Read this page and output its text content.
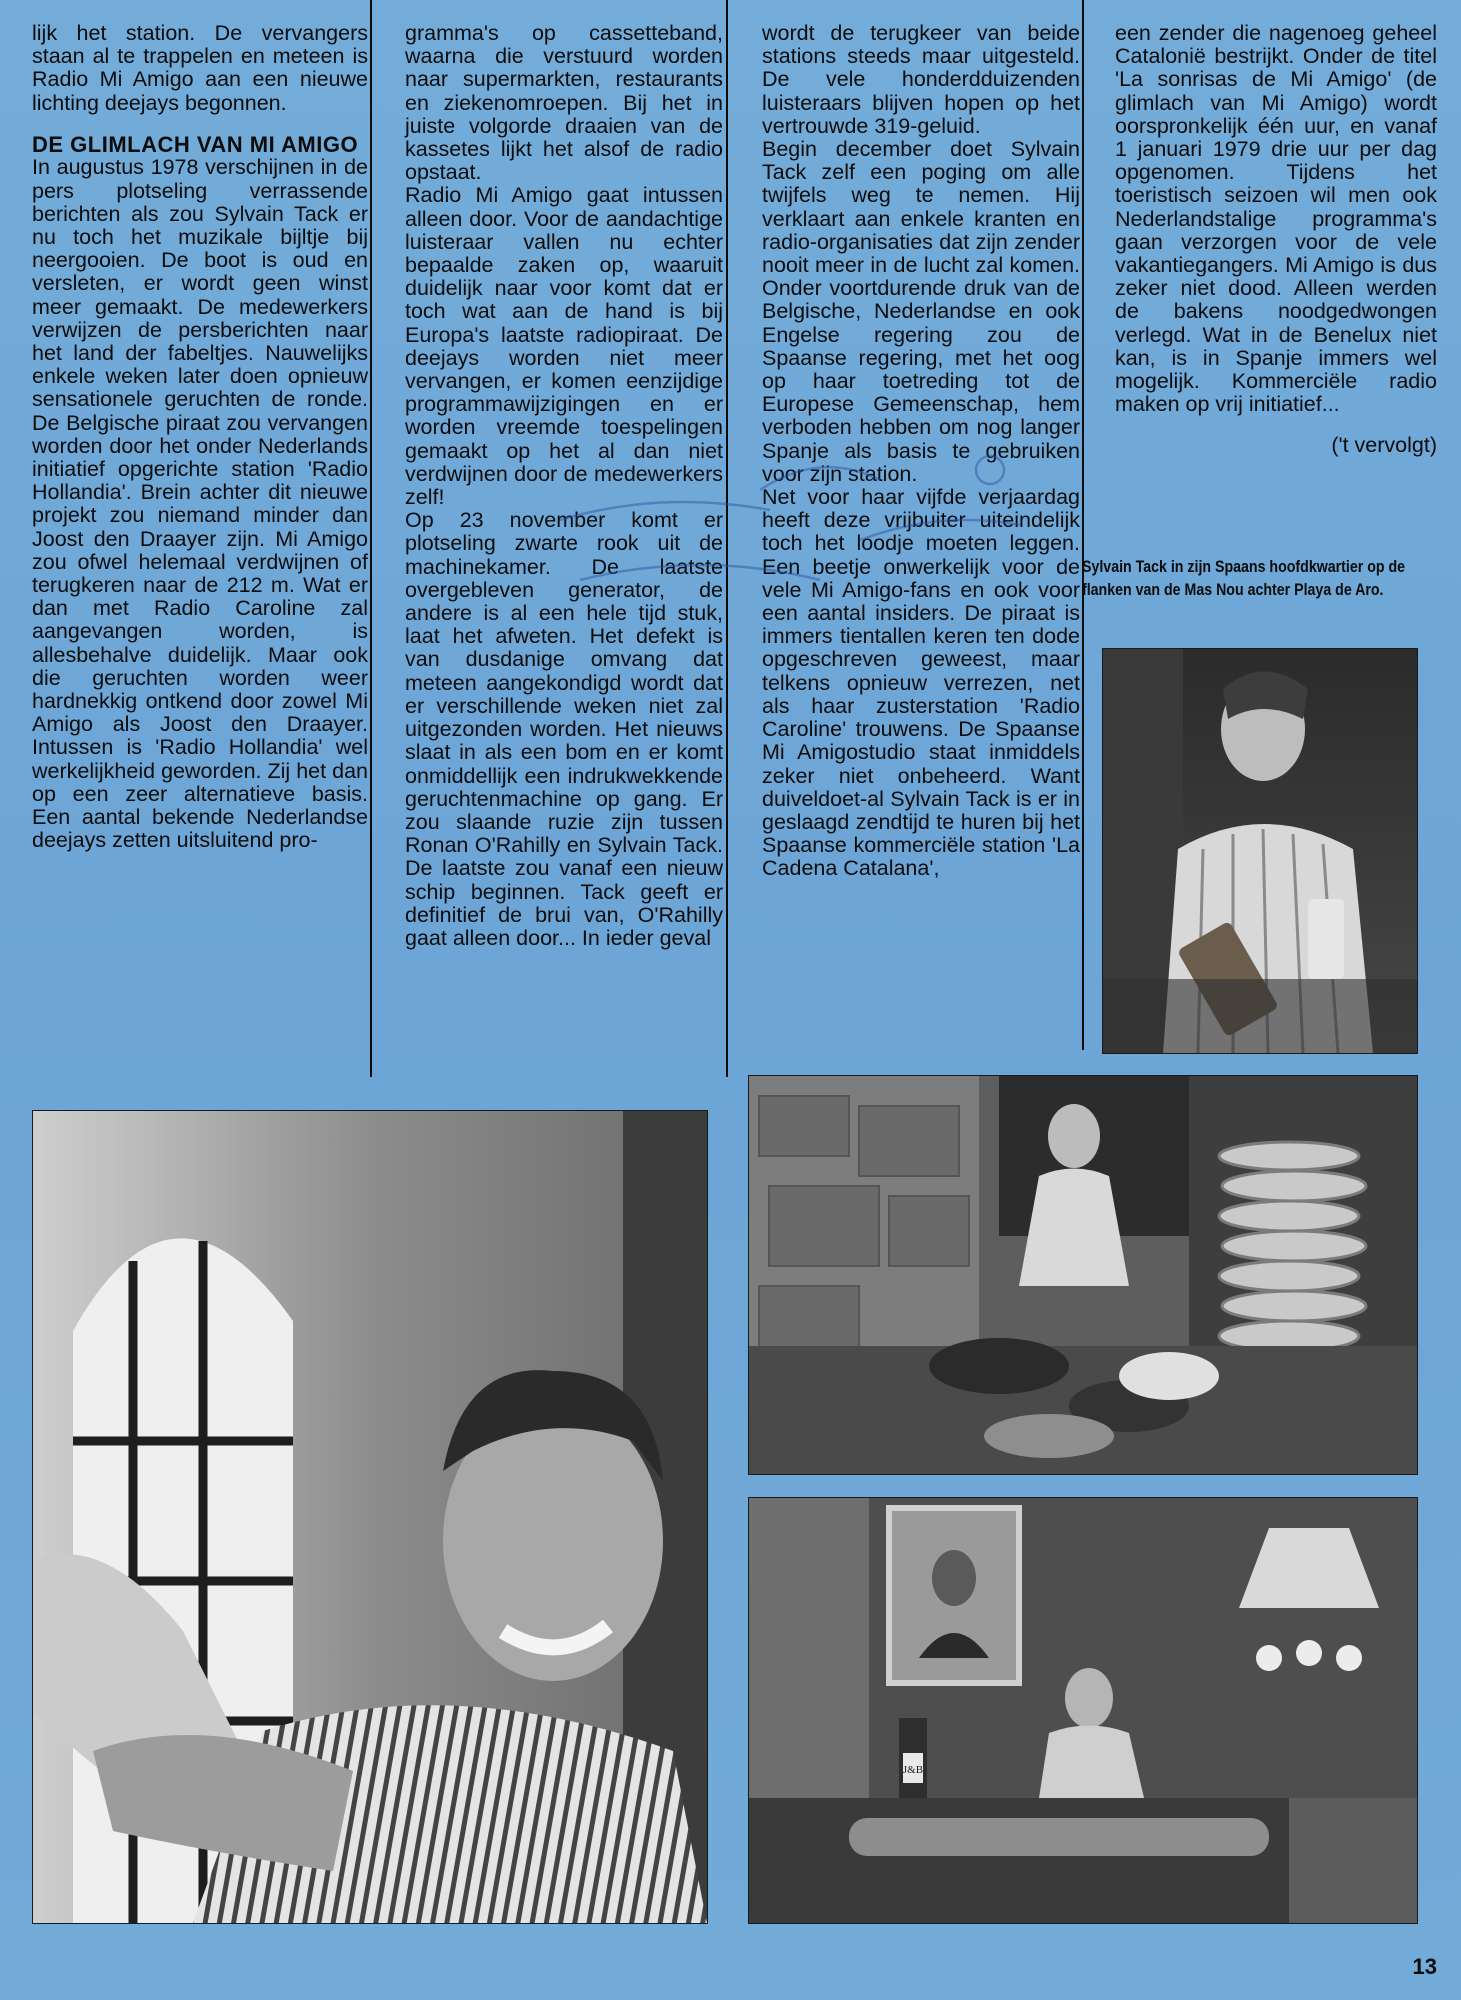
lijk het station. De vervangers staan al te trappelen en meteen is Radio Mi Amigo aan een nieuwe lichting deejays begonnen.

DE GLIMLACH VAN MI AMIGO

In augustus 1978 verschijnen in de pers plotseling verrassende berichten als zou Sylvain Tack er nu toch het muzikale bijltje bij neergooien. De boot is oud en versleten, er wordt geen winst meer gemaakt. De medewerkers verwijzen de persberichten naar het land der fabeltjes. Nauwelijks enkele weken later doen opnieuw sensationele geruchten de ronde. De Belgische piraat zou vervangen worden door het onder Nederlands initiatief opgerichte station 'Radio Hollandia'. Brein achter dit nieuwe projekt zou niemand minder dan Joost den Draayer zijn. Mi Amigo zou ofwel helemaal verdwijnen of terugkeren naar de 212 m. Wat er dan met Radio Caroline zal aangevangen worden, is allesbehalve duidelijk. Maar ook die geruchten worden weer hardnekkig ontkend door zowel Mi Amigo als Joost den Draayer. Intussen is 'Radio Hollandia' wel werkelijkheid geworden. Zij het dan op een zeer alternatieve basis. Een aantal bekende Nederlandse deejays zetten uitsluitend pro-

gramma's op cassetteband, waarna die verstuurd worden naar supermarkten, restaurants en ziekenomroepen. Bij het in juiste volgorde draaien van de kassetes lijkt het alsof de radio opstaat.

Radio Mi Amigo gaat intussen alleen door. Voor de aandachtige luisteraar vallen nu echter bepaalde zaken op, waaruit duidelijk naar voor komt dat er toch wat aan de hand is bij Europa's laatste radiopiraat. De deejays worden niet meer vervangen, er komen eenzijdige programmawijzigingen en er worden vreemde toespelingen gemaakt op het al dan niet verdwijnen door de medewerkers zelf!

Op 23 november komt er plotseling zwarte rook uit de machinekamer. De laatste overgebleven generator, de andere is al een hele tijd stuk, laat het afweten. Het defekt is van dusdanige omvang dat meteen aangekondigd wordt dat er verschillende weken niet zal uitgezonden worden. Het nieuws slaat in als een bom en er komt onmiddellijk een indrukwekkende geruchtenmachine op gang. Er zou slaande ruzie zijn tussen Ronan O'Rahilly en Sylvain Tack. De laatste zou vanaf een nieuw schip beginnen. Tack geeft er definitief de brui van, O'Rahilly gaat alleen door... In ieder geval

wordt de terugkeer van beide stations steeds maar uitgesteld. De vele honderdduizenden luisteraars blijven hopen op het vertrouwde 319-geluid.

Begin december doet Sylvain Tack zelf een poging om alle twijfels weg te nemen. Hij verklaart aan enkele kranten en radio-organisaties dat zijn zender nooit meer in de lucht zal komen. Onder voortdurende druk van de Belgische, Nederlandse en ook Engelse regering zou de Spaanse regering, met het oog op haar toetreding tot de Europese Gemeenschap, hem verboden hebben om nog langer Spanje als basis te gebruiken voor zijn station.

Net voor haar vijfde verjaardag heeft deze vrijbuiter uiteindelijk toch het loodje moeten leggen. Een beetje onwerkelijk voor de vele Mi Amigo-fans en ook voor een aantal insiders. De piraat is immers tientallen keren ten dode opgeschreven geweest, maar telkens opnieuw verrezen, net als haar zusterstation 'Radio Caroline' trouwens. De Spaanse Mi Amigostudio staat inmiddels zeker niet onbeheerd. Want duiveldoet-al Sylvain Tack is er in geslaagd zendtijd te huren bij het Spaanse kommerciële station 'La Cadena Catalana',

een zender die nagenoeg geheel Catalonië bestrijkt. Onder de titel 'La sonrisas de Mi Amigo' (de glimlach van Mi Amigo) wordt oorspronkelijk één uur, en vanaf 1 januari 1979 drie uur per dag opgenomen. Tijdens het toeristisch seizoen wil men ook Nederlandstalige programma's gaan verzorgen voor de vele vakantiegangers. Mi Amigo is dus zeker niet dood. Alleen werden de bakens noodgedwongen verlegd. Wat in de Benelux niet kan, is in Spanje immers wel mogelijk. Kommerciële radio maken op vrij initiatief...

('t vervolgt)

Sylvain Tack in zijn Spaans hoofdkwartier op de flanken van de Mas Nou achter Playa de Aro.
J&B
13
